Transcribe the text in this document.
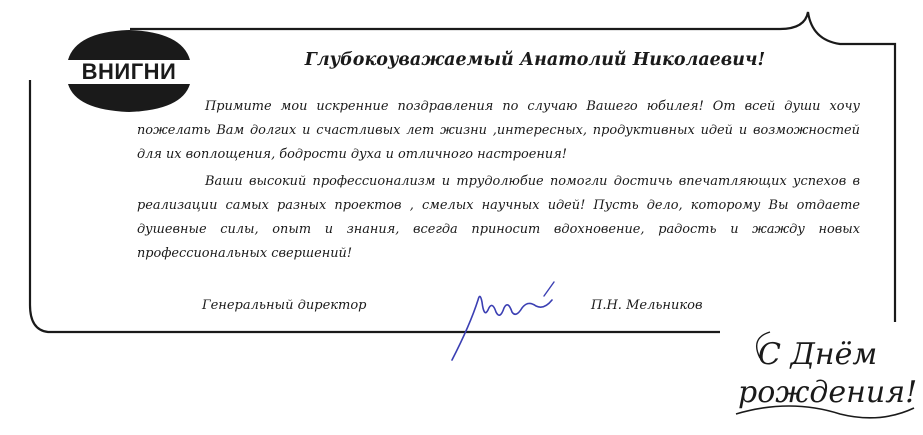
ВНИГНИ	Глубокоуважаемый Анатолий Николаевич!

Примите мои искренние поздравления по случаю Вашего юбилея! От всей души хочу пожелать Вам долгих и счастливых лет жизни ,интересных, продуктивных идей и возможностей для их воплощения, бодрости духа и отличного настроения!

Ваши высокий профессионализм и трудолюбие помогли достичь впечатляющих успехов в реализации самых разных проектов , смелых научных идей! Пусть дело, которому Вы отдаете душевные силы, опыт и знания, всегда приносит вдохновение, радость и жажду новых профессиональных свершений!

Генеральный директор	П.Н. Мельников
С Днём
рождения!
